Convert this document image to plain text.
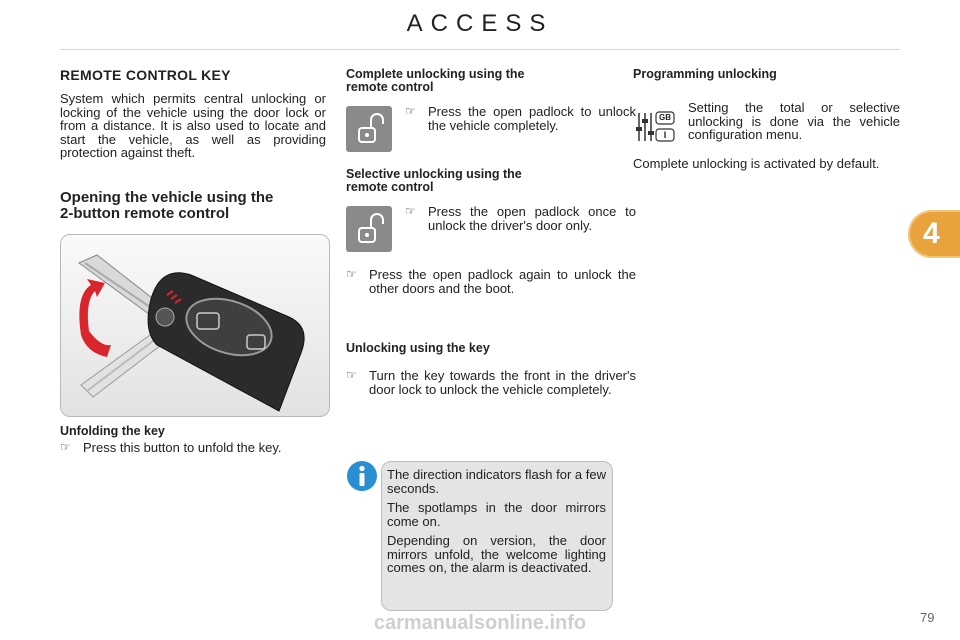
ACCESS
4
REMOTE CONTROL KEY
System which permits central unlocking or locking of the vehicle using the door lock or from a distance. It is also used to locate and start the vehicle, as well as providing protection against theft.
Opening the vehicle using the
2-button remote control
Unfolding the key
☞ Press this button to unfold the key.
Complete unlocking using the
remote control
☞ Press the open padlock to unlock the vehicle completely.
Selective unlocking using the
remote control
☞ Press the open padlock once to unlock the driver's door only.
☞ Press the open padlock again to unlock the other doors and the boot.
Unlocking using the key
☞ Turn the key towards the front in the driver's door lock to unlock the vehicle completely.
The direction indicators flash for a few seconds.
The spotlamps in the door mirrors come on.
Depending on version, the door mirrors unfold, the welcome lighting comes on, the alarm is deactivated.
Programming unlocking
GB
I
Setting the total or selective unlocking is done via the vehicle configuration menu.
Complete unlocking is activated by default.
carmanualsonline.info	79
